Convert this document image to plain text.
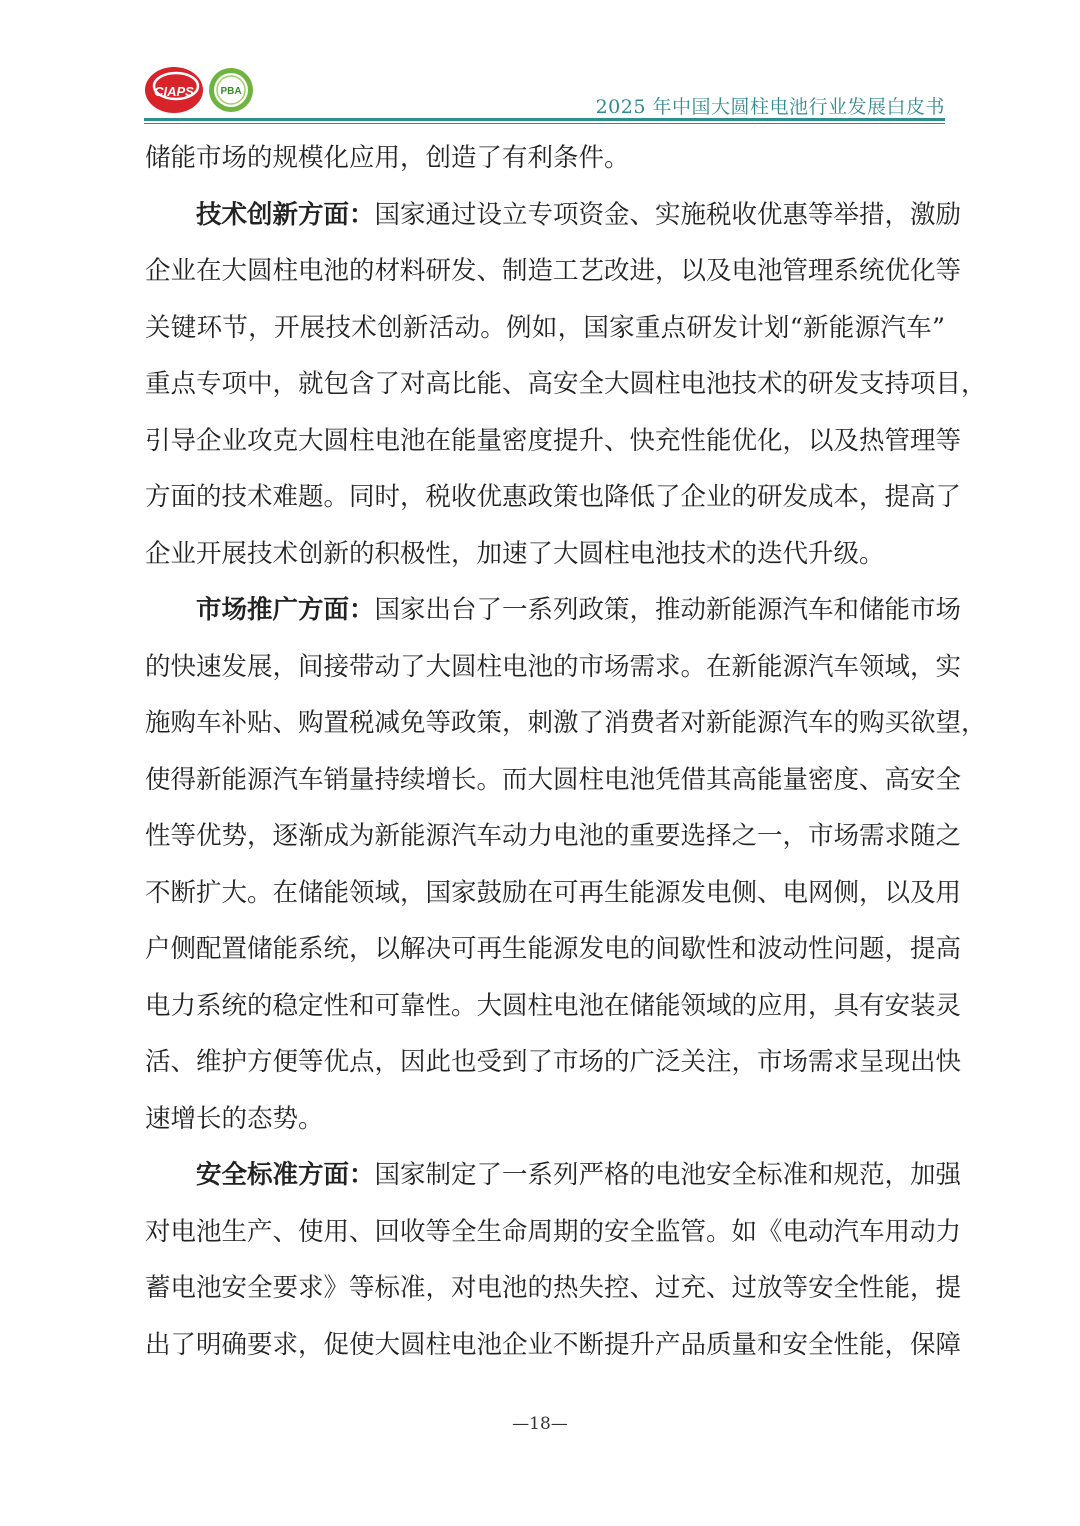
CIAPS	PBA
2025 年中国大圆柱电池行业发展白皮书
储能市场的规模化应用，创造了有利条件。
技术创新方面：国家通过设立专项资金、实施税收优惠等举措，激励
企业在大圆柱电池的材料研发、制造工艺改进，以及电池管理系统优化等
关键环节，开展技术创新活动。例如，国家重点研发计划“新能源汽车”
重点专项中，就包含了对高比能、高安全大圆柱电池技术的研发支持项目，
引导企业攻克大圆柱电池在能量密度提升、快充性能优化，以及热管理等
方面的技术难题。同时，税收优惠政策也降低了企业的研发成本，提高了
企业开展技术创新的积极性，加速了大圆柱电池技术的迭代升级。
市场推广方面：国家出台了一系列政策，推动新能源汽车和储能市场
的快速发展，间接带动了大圆柱电池的市场需求。在新能源汽车领域，实
施购车补贴、购置税减免等政策，刺激了消费者对新能源汽车的购买欲望，
使得新能源汽车销量持续增长。而大圆柱电池凭借其高能量密度、高安全
性等优势，逐渐成为新能源汽车动力电池的重要选择之一，市场需求随之
不断扩大。在储能领域，国家鼓励在可再生能源发电侧、电网侧，以及用
户侧配置储能系统，以解决可再生能源发电的间歇性和波动性问题，提高
电力系统的稳定性和可靠性。大圆柱电池在储能领域的应用，具有安装灵
活、维护方便等优点，因此也受到了市场的广泛关注，市场需求呈现出快
速增长的态势。
安全标准方面：国家制定了一系列严格的电池安全标准和规范，加强
对电池生产、使用、回收等全生命周期的安全监管。如《电动汽车用动力
蓄电池安全要求》等标准，对电池的热失控、过充、过放等安全性能，提
出了明确要求，促使大圆柱电池企业不断提升产品质量和安全性能，保障
—18—
